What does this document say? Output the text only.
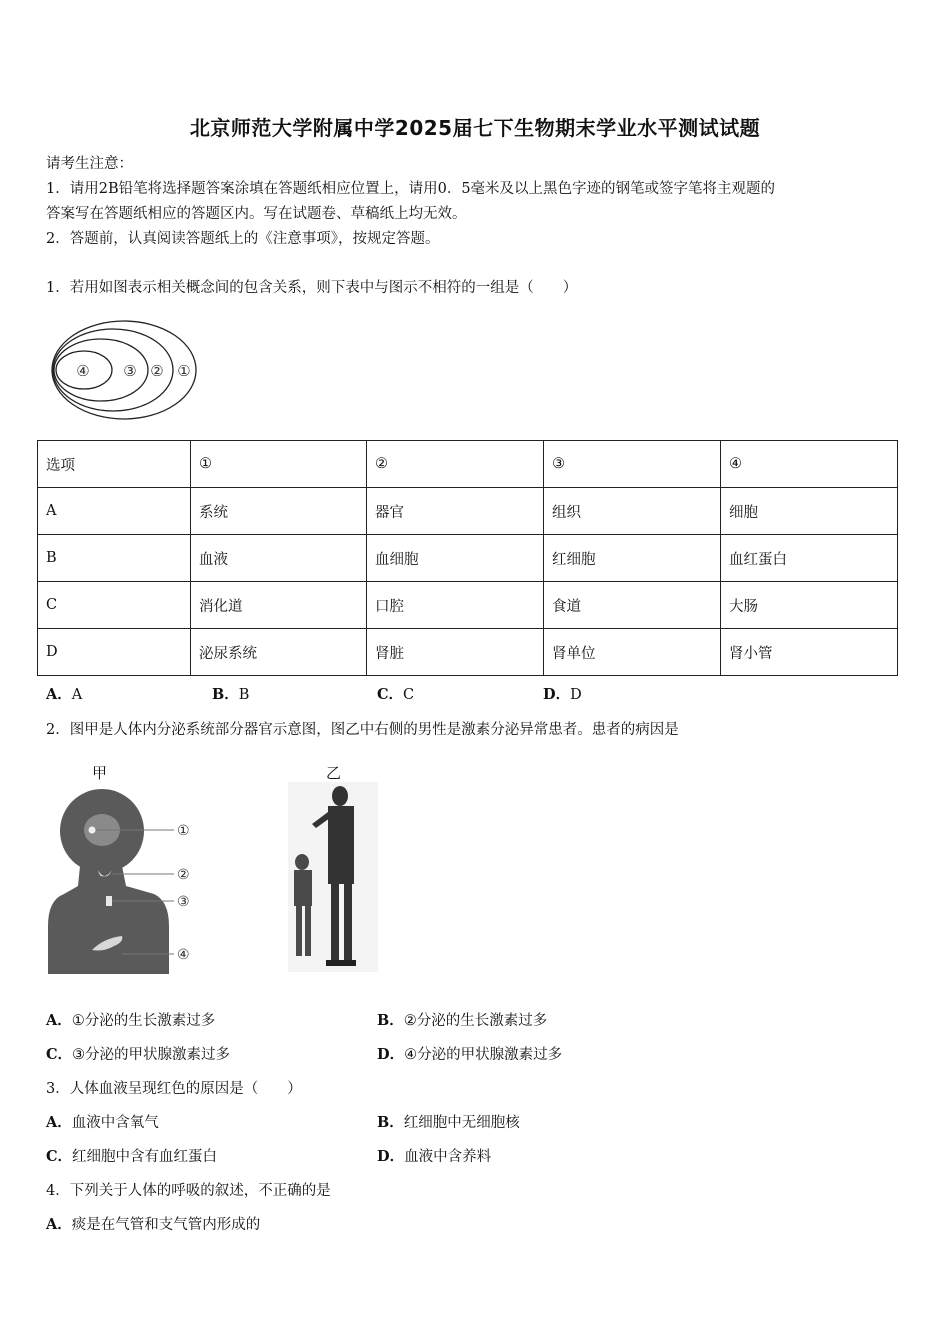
北京师范大学附属中学2025届七下生物期末学业水平测试试题
请考生注意：
1．请用2B铅笔将选择题答案涂填在答题纸相应位置上，请用0．5毫米及以上黑色字迹的钢笔或签字笔将主观题的
答案写在答题纸相应的答题区内。写在试题卷、草稿纸上均无效。
2．答题前，认真阅读答题纸上的《注意事项》，按规定答题。
1．若用如图表示相关概念间的包含关系，则下表中与图示不相符的一组是（　　）
④ ③ ② ①
选项	①	②	③	④
A	系统	器官	组织	细胞
B	血液	血细胞	红细胞	血红蛋白
C	消化道	口腔	食道	大肠
D	泌尿系统	肾脏	肾单位	肾小管
A．A	B．B	C．C	D．D
2．图甲是人体内分泌系统部分器官示意图，图乙中右侧的男性是激素分泌异常患者。患者的病因是
甲	乙
①
②
③
④
A．①分泌的生长激素过多	B．②分泌的生长激素过多
C．③分泌的甲状腺激素过多	D．④分泌的甲状腺激素过多
3．人体血液呈现红色的原因是（　　）
A．血液中含氧气	B．红细胞中无细胞核
C．红细胞中含有血红蛋白	D．血液中含养料
4．下列关于人体的呼吸的叙述，不正确的是
A．痰是在气管和支气管内形成的
